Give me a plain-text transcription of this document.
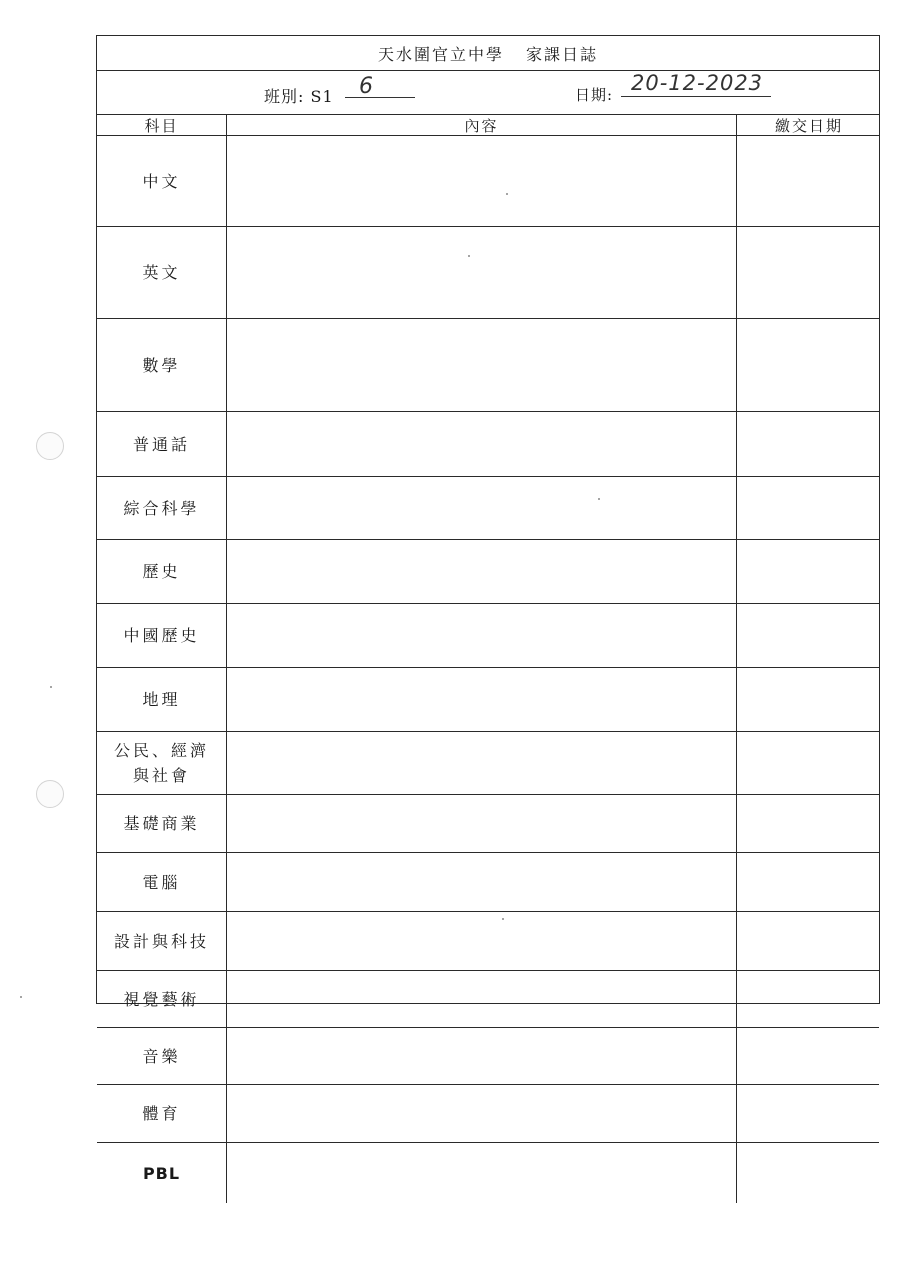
天水圍官立中學 家課日誌
班別: S1	6	日期: 20-12-2023
科目	內容	繳交日期
中文
英文
數學
普通話
綜合科學
歷史
中國歷史
地理
公民、經濟
與社會
基礎商業
電腦
設計與科技
視覺藝術
音樂
體育
PBL
